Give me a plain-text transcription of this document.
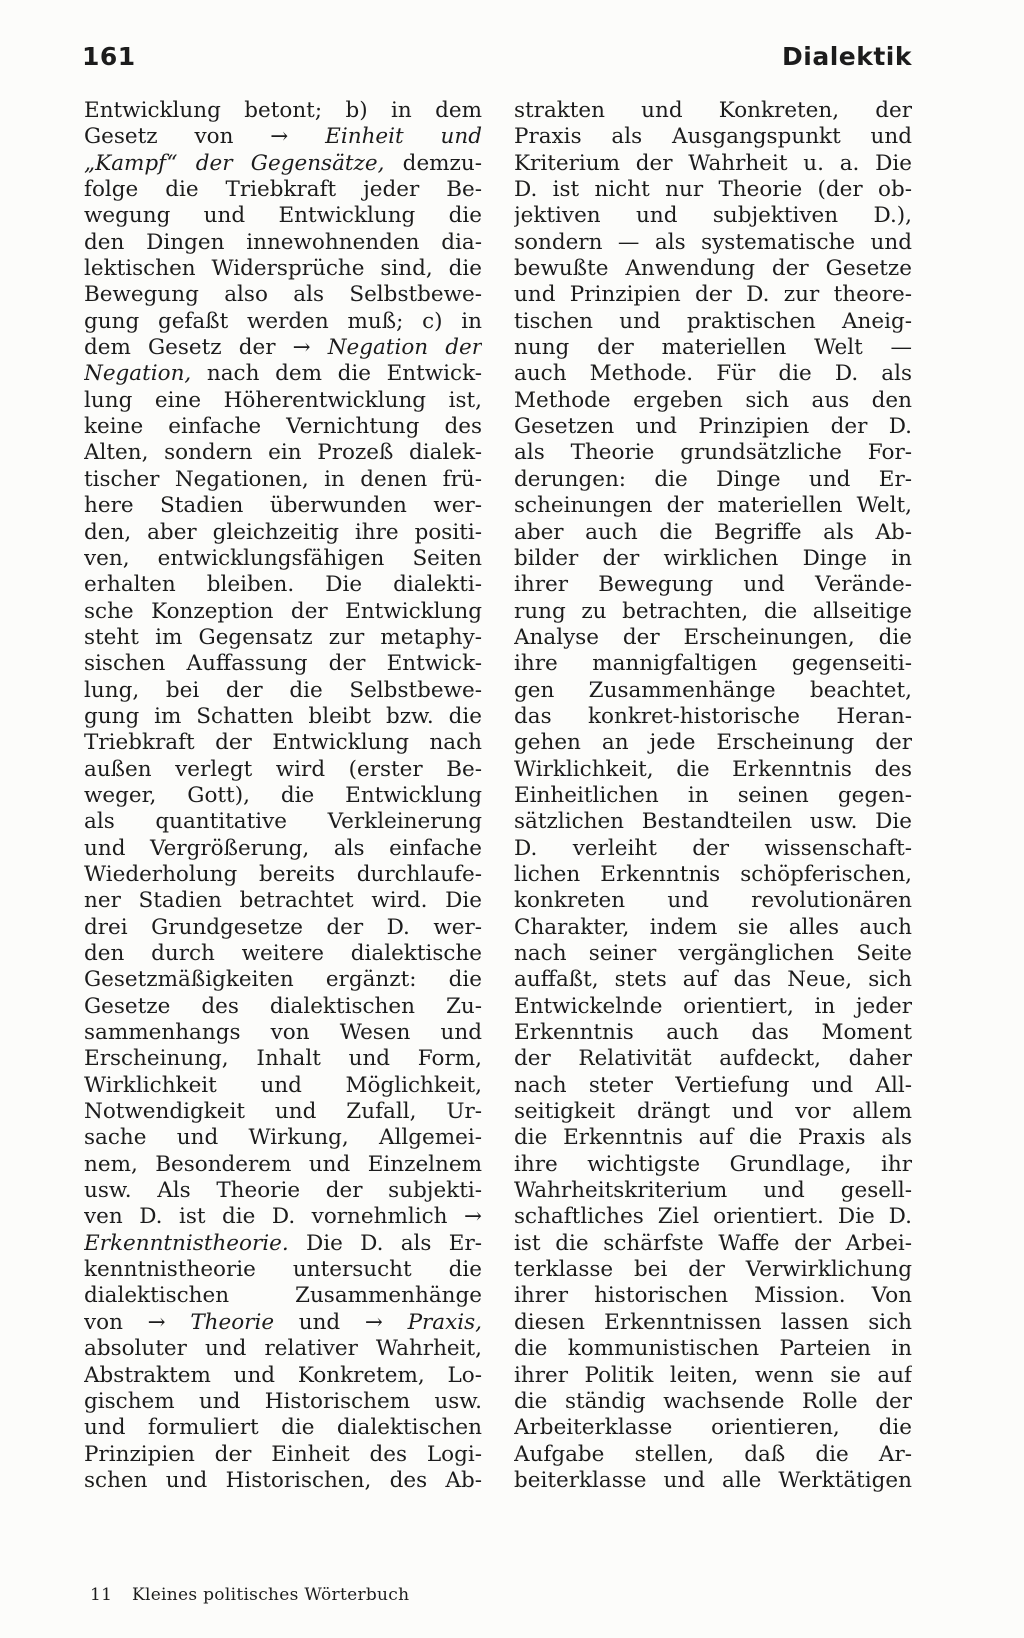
161	Dialektik
Entwicklung betont; b) in dem
Gesetz von → Einheit und
„Kampf“ der Gegensätze, demzu-
folge die Triebkraft jeder Be-
wegung und Entwicklung die
den Dingen innewohnenden dia-
lektischen Widersprüche sind, die
Bewegung also als Selbstbewe-
gung gefaßt werden muß; c) in
dem Gesetz der → Negation der
Negation, nach dem die Entwick-
lung eine Höherentwicklung ist,
keine einfache Vernichtung des
Alten, sondern ein Prozeß dialek-
tischer Negationen, in denen frü-
here Stadien überwunden wer-
den, aber gleichzeitig ihre positi-
ven, entwicklungsfähigen Seiten
erhalten bleiben. Die dialekti-
sche Konzeption der Entwicklung
steht im Gegensatz zur metaphy-
sischen Auffassung der Entwick-
lung, bei der die Selbstbewe-
gung im Schatten bleibt bzw. die
Triebkraft der Entwicklung nach
außen verlegt wird (erster Be-
weger, Gott), die Entwicklung
als quantitative Verkleinerung
und Vergrößerung, als einfache
Wiederholung bereits durchlaufe-
ner Stadien betrachtet wird. Die
drei Grundgesetze der D. wer-
den durch weitere dialektische
Gesetzmäßigkeiten ergänzt: die
Gesetze des dialektischen Zu-
sammenhangs von Wesen und
Erscheinung, Inhalt und Form,
Wirklichkeit und Möglichkeit,
Notwendigkeit und Zufall, Ur-
sache und Wirkung, Allgemei-
nem, Besonderem und Einzelnem
usw. Als Theorie der subjekti-
ven D. ist die D. vornehmlich →
Erkenntnistheorie. Die D. als Er-
kenntnistheorie untersucht die
dialektischen Zusammenhänge
von → Theorie und → Praxis,
absoluter und relativer Wahrheit,
Abstraktem und Konkretem, Lo-
gischem und Historischem usw.
und formuliert die dialektischen
Prinzipien der Einheit des Logi-
schen und Historischen, des Ab-
strakten und Konkreten, der
Praxis als Ausgangspunkt und
Kriterium der Wahrheit u. a. Die
D. ist nicht nur Theorie (der ob-
jektiven und subjektiven D.),
sondern — als systematische und
bewußte Anwendung der Gesetze
und Prinzipien der D. zur theore-
tischen und praktischen Aneig-
nung der materiellen Welt —
auch Methode. Für die D. als
Methode ergeben sich aus den
Gesetzen und Prinzipien der D.
als Theorie grundsätzliche For-
derungen: die Dinge und Er-
scheinungen der materiellen Welt,
aber auch die Begriffe als Ab-
bilder der wirklichen Dinge in
ihrer Bewegung und Verände-
rung zu betrachten, die allseitige
Analyse der Erscheinungen, die
ihre mannigfaltigen gegenseiti-
gen Zusammenhänge beachtet,
das konkret-historische Heran-
gehen an jede Erscheinung der
Wirklichkeit, die Erkenntnis des
Einheitlichen in seinen gegen-
sätzlichen Bestandteilen usw. Die
D. verleiht der wissenschaft-
lichen Erkenntnis schöpferischen,
konkreten und revolutionären
Charakter, indem sie alles auch
nach seiner vergänglichen Seite
auffaßt, stets auf das Neue, sich
Entwickelnde orientiert, in jeder
Erkenntnis auch das Moment
der Relativität aufdeckt, daher
nach steter Vertiefung und All-
seitigkeit drängt und vor allem
die Erkenntnis auf die Praxis als
ihre wichtigste Grundlage, ihr
Wahrheitskriterium und gesell-
schaftliches Ziel orientiert. Die D.
ist die schärfste Waffe der Arbei-
terklasse bei der Verwirklichung
ihrer historischen Mission. Von
diesen Erkenntnissen lassen sich
die kommunistischen Parteien in
ihrer Politik leiten, wenn sie auf
die ständig wachsende Rolle der
Arbeiterklasse orientieren, die
Aufgabe stellen, daß die Ar-
beiterklasse und alle Werktätigen
11 Kleines politisches Wörterbuch
